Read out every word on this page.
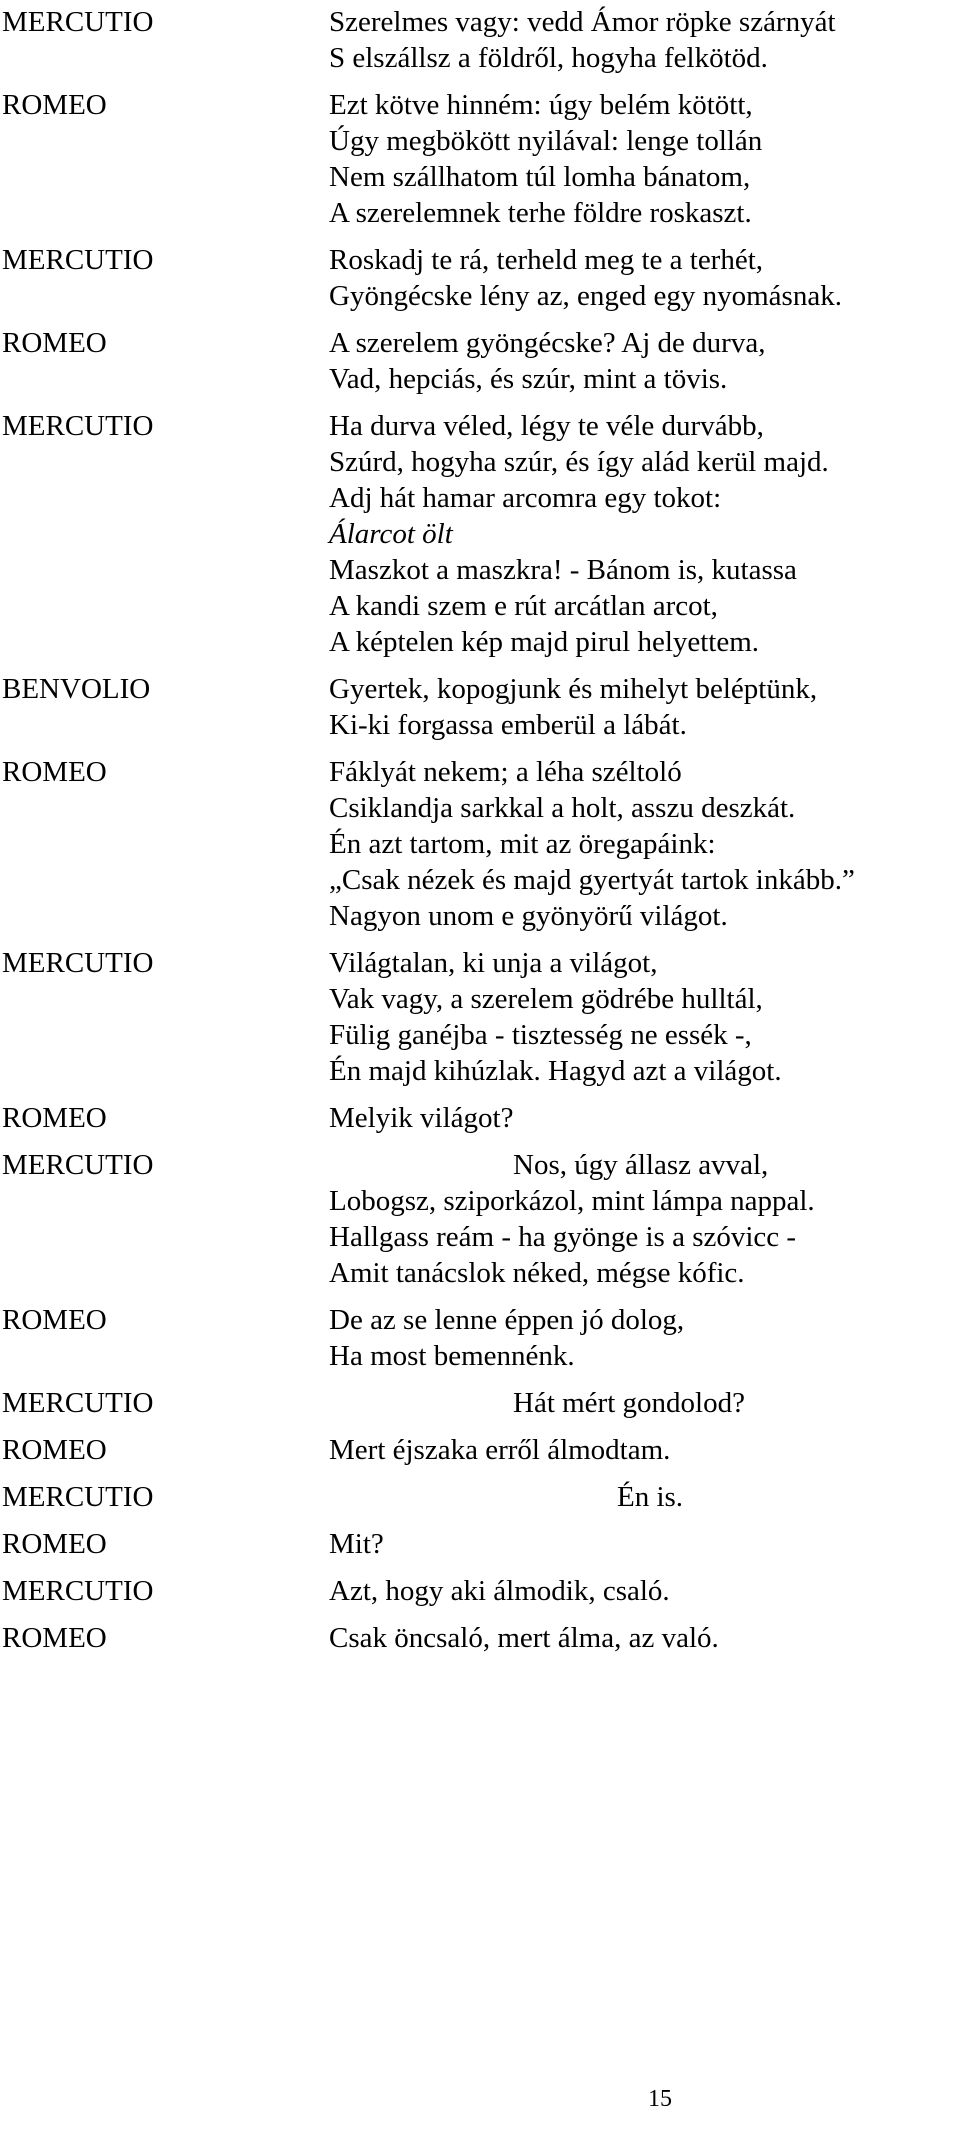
MERCUTIO	Szerelmes vagy: vedd Ámor röpke szárnyát
S elszállsz a földről, hogyha felkötöd.
ROMEO	Ezt kötve hinném: úgy belém kötött,
Úgy megbökött nyilával: lenge tollán
Nem szállhatom túl lomha bánatom,
A szerelemnek terhe földre roskaszt.
MERCUTIO	Roskadj te rá, terheld meg te a terhét,
Gyöngécske lény az, enged egy nyomásnak.
ROMEO	A szerelem gyöngécske? Aj de durva,
Vad, hepciás, és szúr, mint a tövis.
MERCUTIO	Ha durva véled, légy te véle durvább,
Szúrd, hogyha szúr, és így alád kerül majd.
Adj hát hamar arcomra egy tokot:
Álarcot ölt
Maszkot a maszkra! - Bánom is, kutassa
A kandi szem e rút arcátlan arcot,
A képtelen kép majd pirul helyettem.
BENVOLIO	Gyertek, kopogjunk és mihelyt beléptünk,
Ki-ki forgassa emberül a lábát.
ROMEO	Fáklyát nekem; a léha széltoló
Csiklandja sarkkal a holt, asszu deszkát.
Én azt tartom, mit az öregapáink:
„Csak nézek és majd gyertyát tartok inkább.”
Nagyon unom e gyönyörű világot.
MERCUTIO	Világtalan, ki unja a világot,
Vak vagy, a szerelem gödrébe hulltál,
Fülig ganéjba - tisztesség ne essék -,
Én majd kihúzlak. Hagyd azt a világot.
ROMEO	Melyik világot?
MERCUTIO	Nos, úgy állasz avval,
Lobogsz, sziporkázol, mint lámpa nappal.
Hallgass reám - ha gyönge is a szóvicc -
Amit tanácslok néked, mégse kófic.
ROMEO	De az se lenne éppen jó dolog,
Ha most bemennénk.
MERCUTIO	Hát mért gondolod?
ROMEO	Mert éjszaka erről álmodtam.
MERCUTIO	Én is.
ROMEO	Mit?
MERCUTIO	Azt, hogy aki álmodik, csaló.
ROMEO	Csak öncsaló, mert álma, az való.
15
